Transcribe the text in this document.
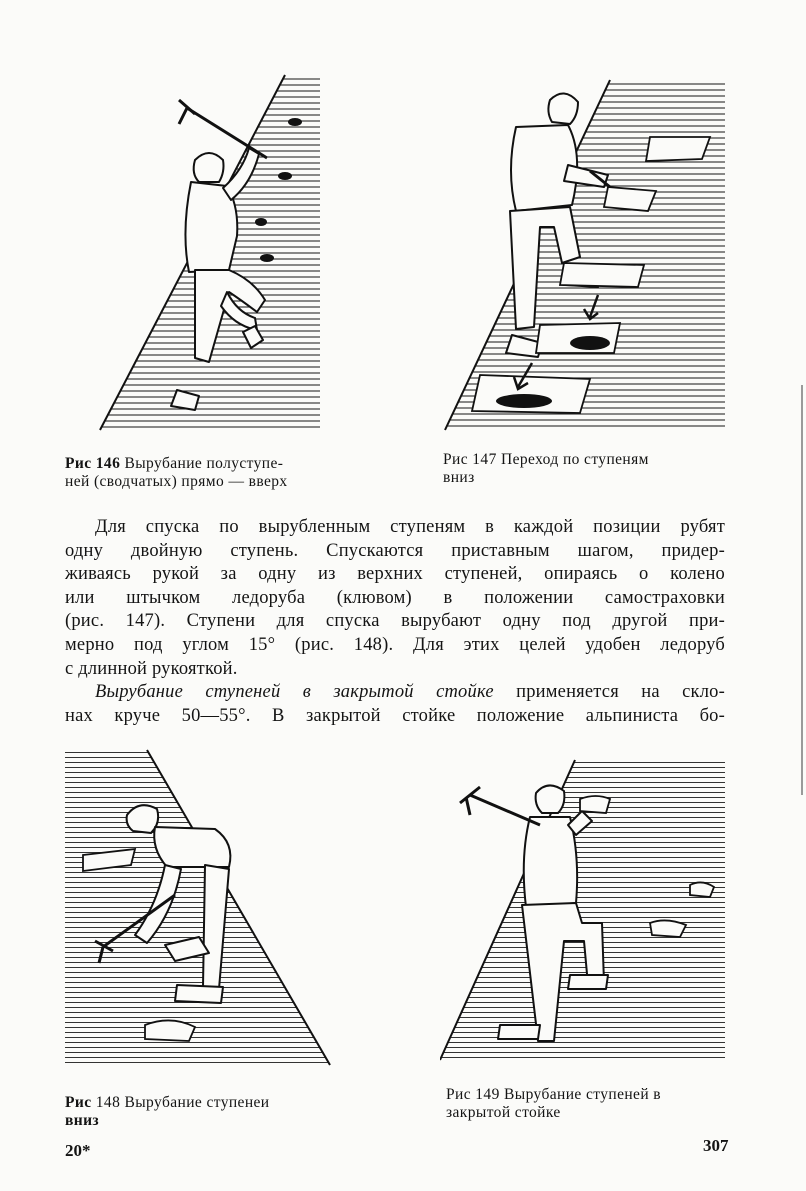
Рис 146 Вырубание полуступе-
ней (сводчатых) прямо — вверх
Рис 147 Переход по ступеням
вниз
Для спуска по вырубленным ступеням в каждой позиции рубят
одну двойную ступень. Спускаются приставным шагом, придер-
живаясь рукой за одну из верхних ступеней, опираясь о колено
или штычком ледоруба (клювом) в положении самостраховки
(рис. 147). Ступени для спуска вырубают одну под другой при-
мерно под углом 15° (рис. 148). Для этих целей удобен ледоруб
с длинной рукояткой.
Вырубание ступеней в закрытой стойке применяется на скло-
нах круче 50—55°. В закрытой стойке положение альпиниста бо-
Рис 148 Вырубание ступенеи
вниз
Рис 149 Вырубание ступеней в
закрытой стойке
20*	307
